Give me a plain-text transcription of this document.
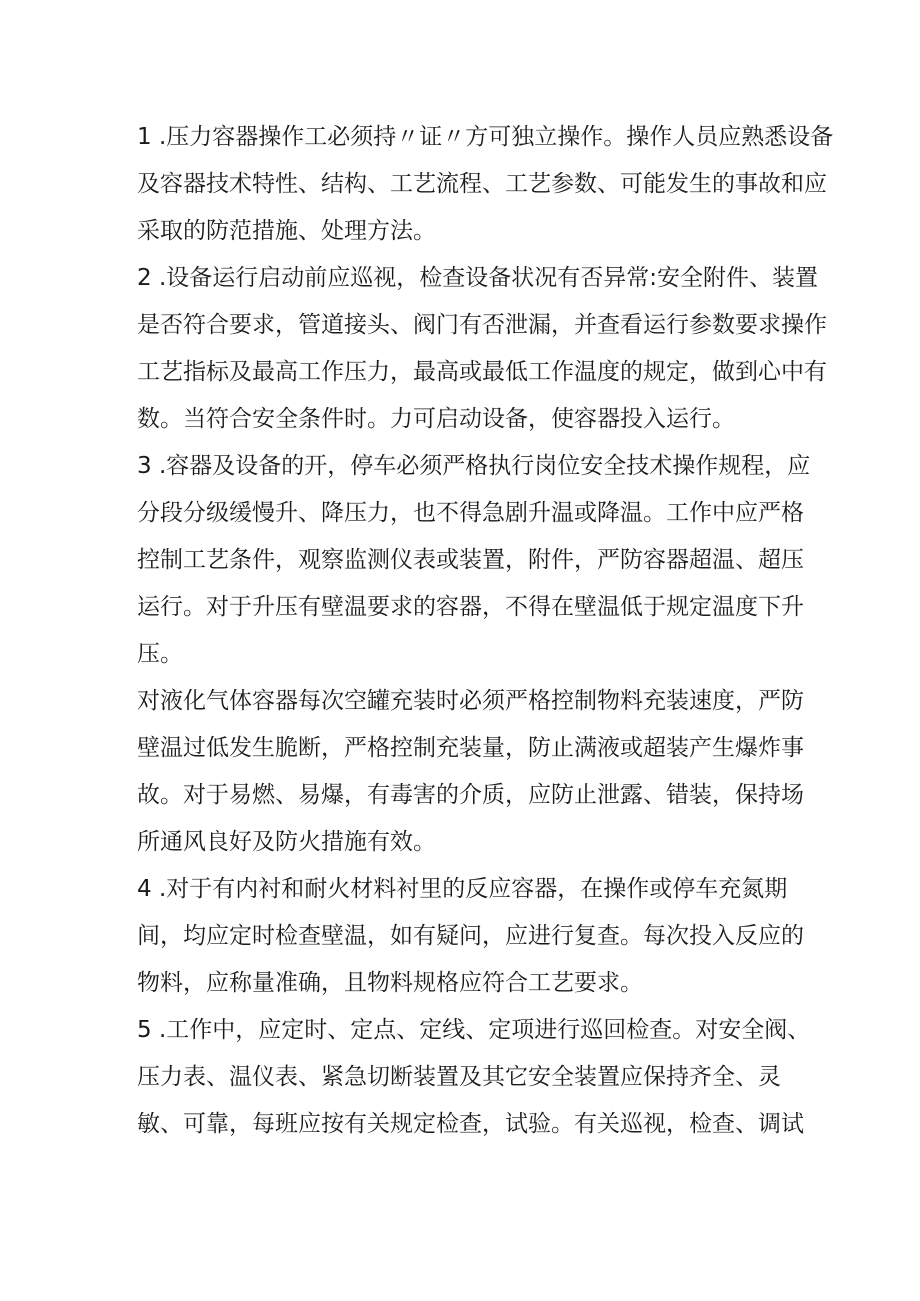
1 .压力容器操作工必须持〃证〃方可独立操作。操作人员应熟悉设备
及容器技术特性、结构、工艺流程、工艺参数、可能发生的事故和应
采取的防范措施、处理方法。
2 .设备运行启动前应巡视，检查设备状况有否异常:安全附件、装置
是否符合要求，管道接头、阀门有否泄漏，并查看运行参数要求操作
工艺指标及最高工作压力，最高或最低工作温度的规定，做到心中有
数。当符合安全条件时。力可启动设备，使容器投入运行。
3 .容器及设备的开，停车必须严格执行岗位安全技术操作规程，应
分段分级缓慢升、降压力，也不得急剧升温或降温。工作中应严格
控制工艺条件，观察监测仪表或装置，附件，严防容器超温、超压
运行。对于升压有壁温要求的容器，不得在壁温低于规定温度下升
压。
对液化气体容器每次空罐充装时必须严格控制物料充装速度，严防
壁温过低发生脆断，严格控制充装量，防止满液或超装产生爆炸事
故。对于易燃、易爆，有毒害的介质，应防止泄露、错装，保持场
所通风良好及防火措施有效。
4 .对于有内衬和耐火材料衬里的反应容器，在操作或停车充氮期
间，均应定时检查壁温，如有疑问，应进行复查。每次投入反应的
物料，应称量准确，且物料规格应符合工艺要求。
5 .工作中，应定时、定点、定线、定项进行巡回检查。对安全阀、
压力表、温仪表、紧急切断装置及其它安全装置应保持齐全、灵
敏、可靠，每班应按有关规定检查，试验。有关巡视，检查、调试
